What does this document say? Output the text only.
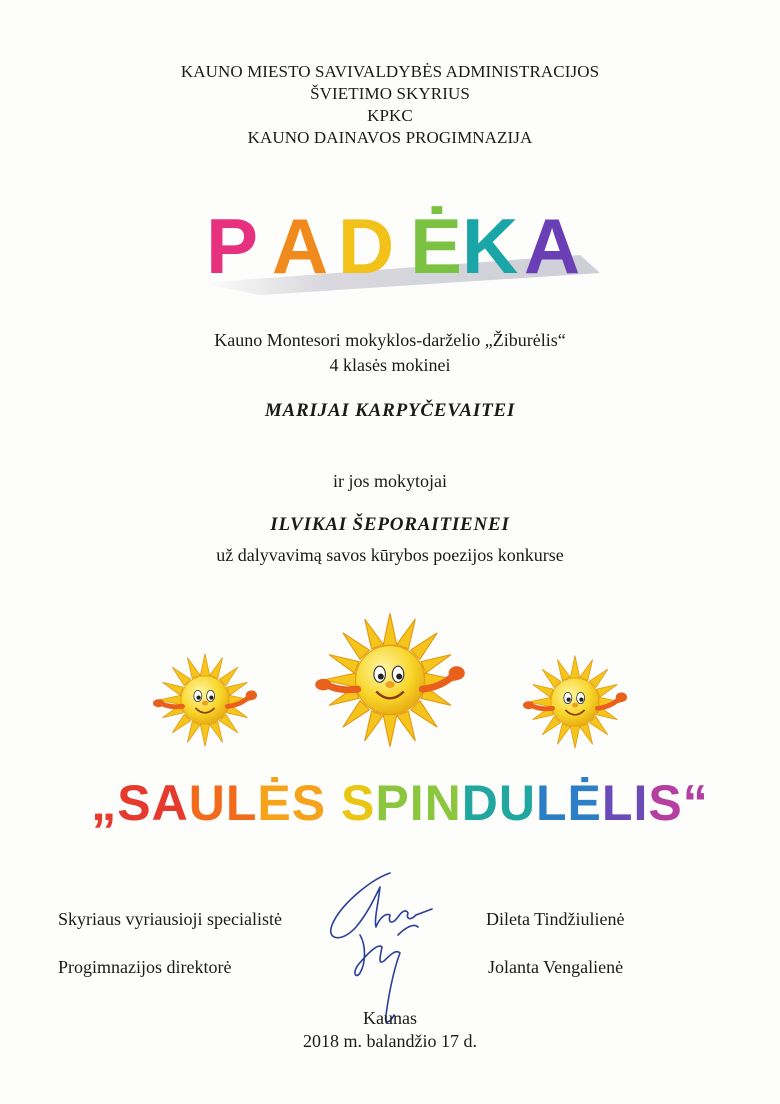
KAUNO MIESTO SAVIVALDYBĖS ADMINISTRACIJOS
ŠVIETIMO SKYRIUS
KPKC
KAUNO DAINAVOS PROGIMNAZIJA
P A D Ė K A
Kauno Montesori mokyklos-darželio „Žiburėlis“
4 klasės mokinei
MARIJAI KARPYČEVAITEI
ir jos mokytojai
ILVIKAI ŠEPORAITIENEI
už dalyvavimą savos kūrybos poezijos konkurse
„SAULĖS SPINDULĖLIS“
Skyriaus vyriausioji specialistė	Dileta Tindžiulienė
Progimnazijos direktorė	Jolanta Vengalienė
Kaunas
2018 m. balandžio 17 d.
